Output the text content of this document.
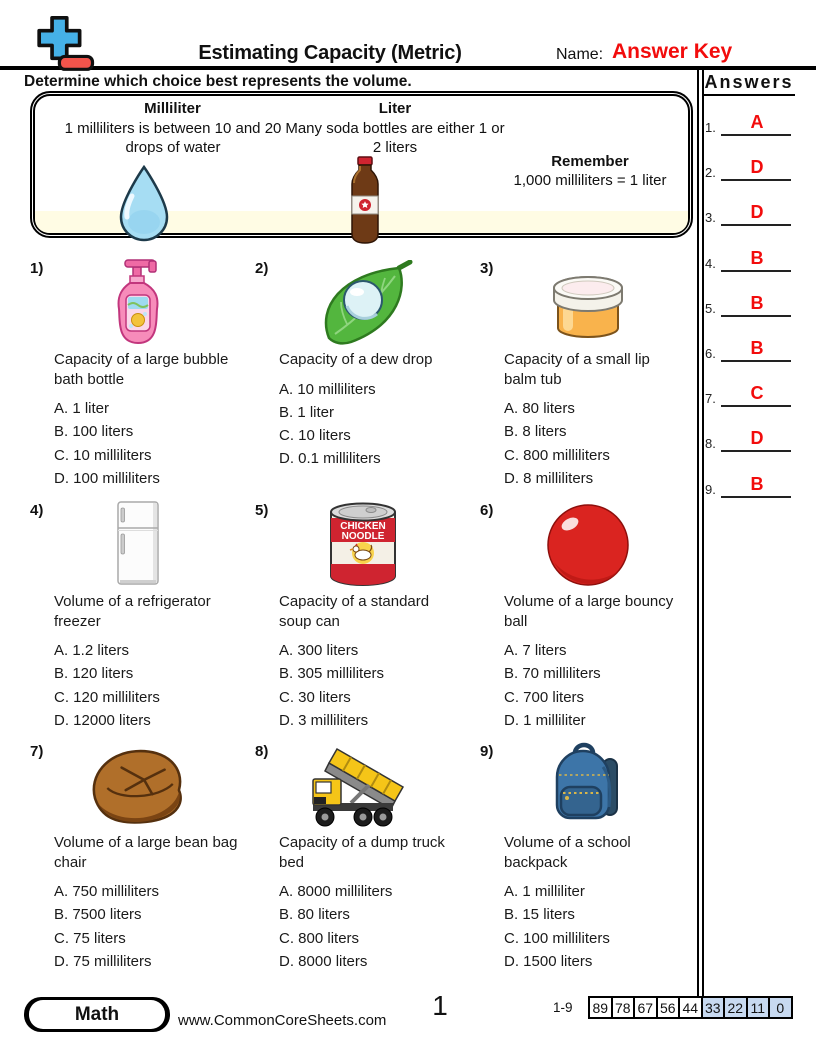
Estimating Capacity (Metric)	Name: Answer Key
Determine which choice best represents the volume.	Answers
1.	A
2.	D
3.	D
4.	B
5.	B
6.	B
7.	C
8.	D
9.	B
Milliliter
1 milliliters is between 10 and 20 drops of water
Liter
Many soda bottles are either 1 or 2 liters
Remember
1,000 milliliters = 1 liter
1)
Capacity of a large bubble
bath bottle
A. 1 liter
B. 100 liters
C. 10 milliliters
D. 100 milliliters
2)
Capacity of a dew drop
A. 10 milliliters
B. 1 liter
C. 10 liters
D. 0.1 milliliters
3)
Capacity of a small lip
balm tub
A. 80 liters
B. 8 liters
C. 800 milliliters
D. 8 milliliters
4)
Volume of a refrigerator
freezer
A. 1.2 liters
B. 120 liters
C. 120 milliliters
D. 12000 liters
5)
CHICKEN
NOODLE
Capacity of a standard
soup can
A. 300 liters
B. 305 milliliters
C. 30 liters
D. 3 milliliters
6)
Volume of a large bouncy
ball
A. 7 liters
B. 70 milliliters
C. 700 liters
D. 1 milliliter
7)
Volume of a large bean bag
chair
A. 750 milliliters
B. 7500 liters
C. 75 liters
D. 75 milliliters
8)
Capacity of a dump truck
bed
A. 8000 milliliters
B. 80 liters
C. 800 liters
D. 8000 liters
9)
Volume of a school
backpack
A. 1 milliliter
B. 15 liters
C. 100 milliliters
D. 1500 liters
Math	www.CommonCoreSheets.com	1	1-9	89 78 67 56 44 33 22 11 0
